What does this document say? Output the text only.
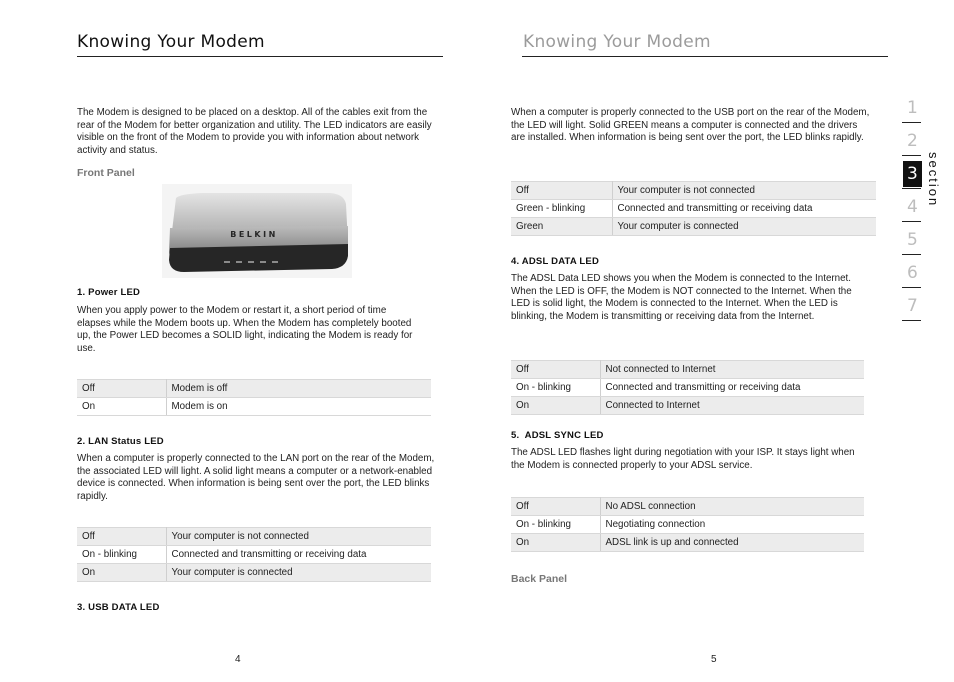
Knowing Your Modem
The Modem is designed to be placed on a desktop. All of the cables exit from the rear of the Modem for better organization and utility. The LED indicators are easily visible on the front of the Modem to provide you with information about network activity and status.
Front Panel
BELKIN
1. Power LED
When you apply power to the Modem or restart it, a short period of time elapses while the Modem boots up. When the Modem has completely booted up, the Power LED becomes a SOLID light, indicating the Modem is ready for use.
Off	Modem is off
On	Modem is on
2. LAN Status LED
When a computer is properly connected to the LAN port on the rear of the Modem, the associated LED will light. A solid light means a computer or a network-enabled device is connected. When information is being sent over the port, the LED blinks rapidly.
Off	Your computer is not connected
On - blinking	Connected and transmitting or receiving data
On	Your computer is connected
3. USB DATA LED
4
Knowing Your Modem
When a computer is properly connected to the USB port on the rear of the Modem, the LED will light. Solid GREEN means a computer is connected and the drivers are installed. When information is being sent over the port, the LED blinks rapidly.
Off	Your computer is not connected
Green - blinking	Connected and transmitting or receiving data
Green	Your computer is connected
4. ADSL DATA LED
The ADSL Data LED shows you when the Modem is connected to the Internet. When the LED is OFF, the Modem is NOT connected to the Internet. When the LED is solid light, the Modem is connected to the Internet. When the LED is blinking, the Modem is transmitting or receiving data from the Internet.
Off	Not connected to Internet
On - blinking	Connected and transmitting or receiving data
On	Connected to Internet
5.  ADSL SYNC LED
The ADSL LED flashes light during negotiation with your ISP. It stays light when the Modem is connected properly to your ADSL service.
Off	No ADSL connection
On - blinking	Negotiating connection
On	ADSL link is up and connected
Back Panel
5
1
2
3
4
5
6
7
section
